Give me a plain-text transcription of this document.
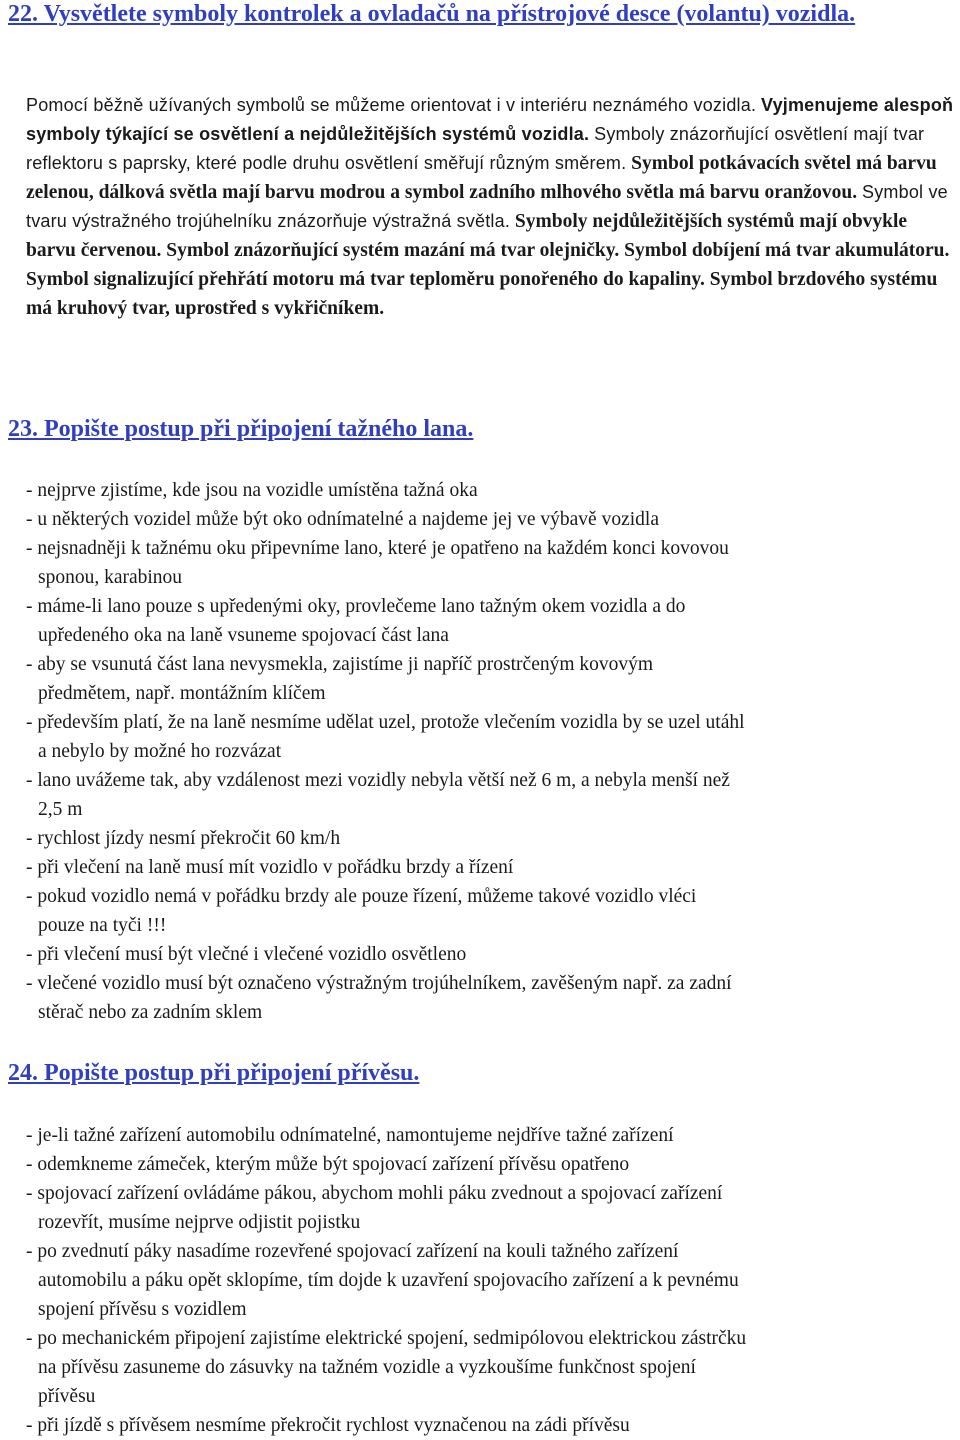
22. Vysvětlete symboly kontrolek a ovladačů na přístrojové desce (volantu) vozidla.
Pomocí běžně užívaných symbolů se můžeme orientovat i v interiéru neznámého vozidla. Vyjmenujeme alespoň symboly týkající se osvětlení a nejdůležitějších systémů vozidla. Symboly znázorňující osvětlení mají tvar reflektoru s paprsky, které podle druhu osvětlení směřují různým směrem. Symbol potkávacích světel má barvu zelenou, dálková světla mají barvu modrou a symbol zadního mlhového světla má barvu oranžovou. Symbol ve tvaru výstražného trojúhelníku znázorňuje výstražná světla. Symboly nejdůležitějších systémů mají obvykle barvu červenou. Symbol znázorňující systém mazání má tvar olejničky. Symbol dobíjení má tvar akumulátoru. Symbol signalizující přehřátí motoru má tvar teploměru ponořeného do kapaliny. Symbol brzdového systému má kruhový tvar, uprostřed s vykřičníkem.
23. Popište postup při připojení tažného lana.
- nejprve zjistíme, kde jsou na vozidle umístěna tažná oka
- u některých vozidel může být oko odnímatelné a najdeme jej ve výbavě vozidla
- nejsnadněji k tažnému oku připevníme lano, které je opatřeno na každém konci kovovou
sponou, karabinou
- máme-li lano pouze s upředenými oky, provlečeme lano tažným okem vozidla a do
upředeného oka na laně vsuneme spojovací část lana
- aby se vsunutá část lana nevysmekla, zajistíme ji napříč prostrčeným kovovým
předmětem, např. montážním klíčem
- především platí, že na laně nesmíme udělat uzel, protože vlečením vozidla by se uzel utáhl
a nebylo by možné ho rozvázat
- lano uvážeme tak, aby vzdálenost mezi vozidly nebyla větší než 6 m, a nebyla menší než
2,5 m
- rychlost jízdy nesmí překročit 60 km/h
- při vlečení na laně musí mít vozidlo v pořádku brzdy a řízení
- pokud vozidlo nemá v pořádku brzdy ale pouze řízení, můžeme takové vozidlo vléci
pouze na tyči !!!
- při vlečení musí být vlečné i vlečené vozidlo osvětleno
- vlečené vozidlo musí být označeno výstražným trojúhelníkem, zavěšeným např. za zadní
stěrač nebo za zadním sklem
24. Popište postup při připojení přívěsu.
- je-li tažné zařízení automobilu odnímatelné, namontujeme nejdříve tažné zařízení
- odemkneme zámeček, kterým může být spojovací zařízení přívěsu opatřeno
- spojovací zařízení ovládáme pákou, abychom mohli páku zvednout a spojovací zařízení
rozevřít, musíme nejprve odjistit pojistku
- po zvednutí páky nasadíme rozevřené spojovací zařízení na kouli tažného zařízení
automobilu a páku opět sklopíme, tím dojde k uzavření spojovacího zařízení a k pevnému
spojení přívěsu s vozidlem
- po mechanickém připojení zajistíme elektrické spojení, sedmipólovou elektrickou zástrčku
na přívěsu zasuneme do zásuvky na tažném vozidle a vyzkoušíme funkčnost spojení
přívěsu
- při jízdě s přívěsem nesmíme překročit rychlost vyznačenou na zádi přívěsu
